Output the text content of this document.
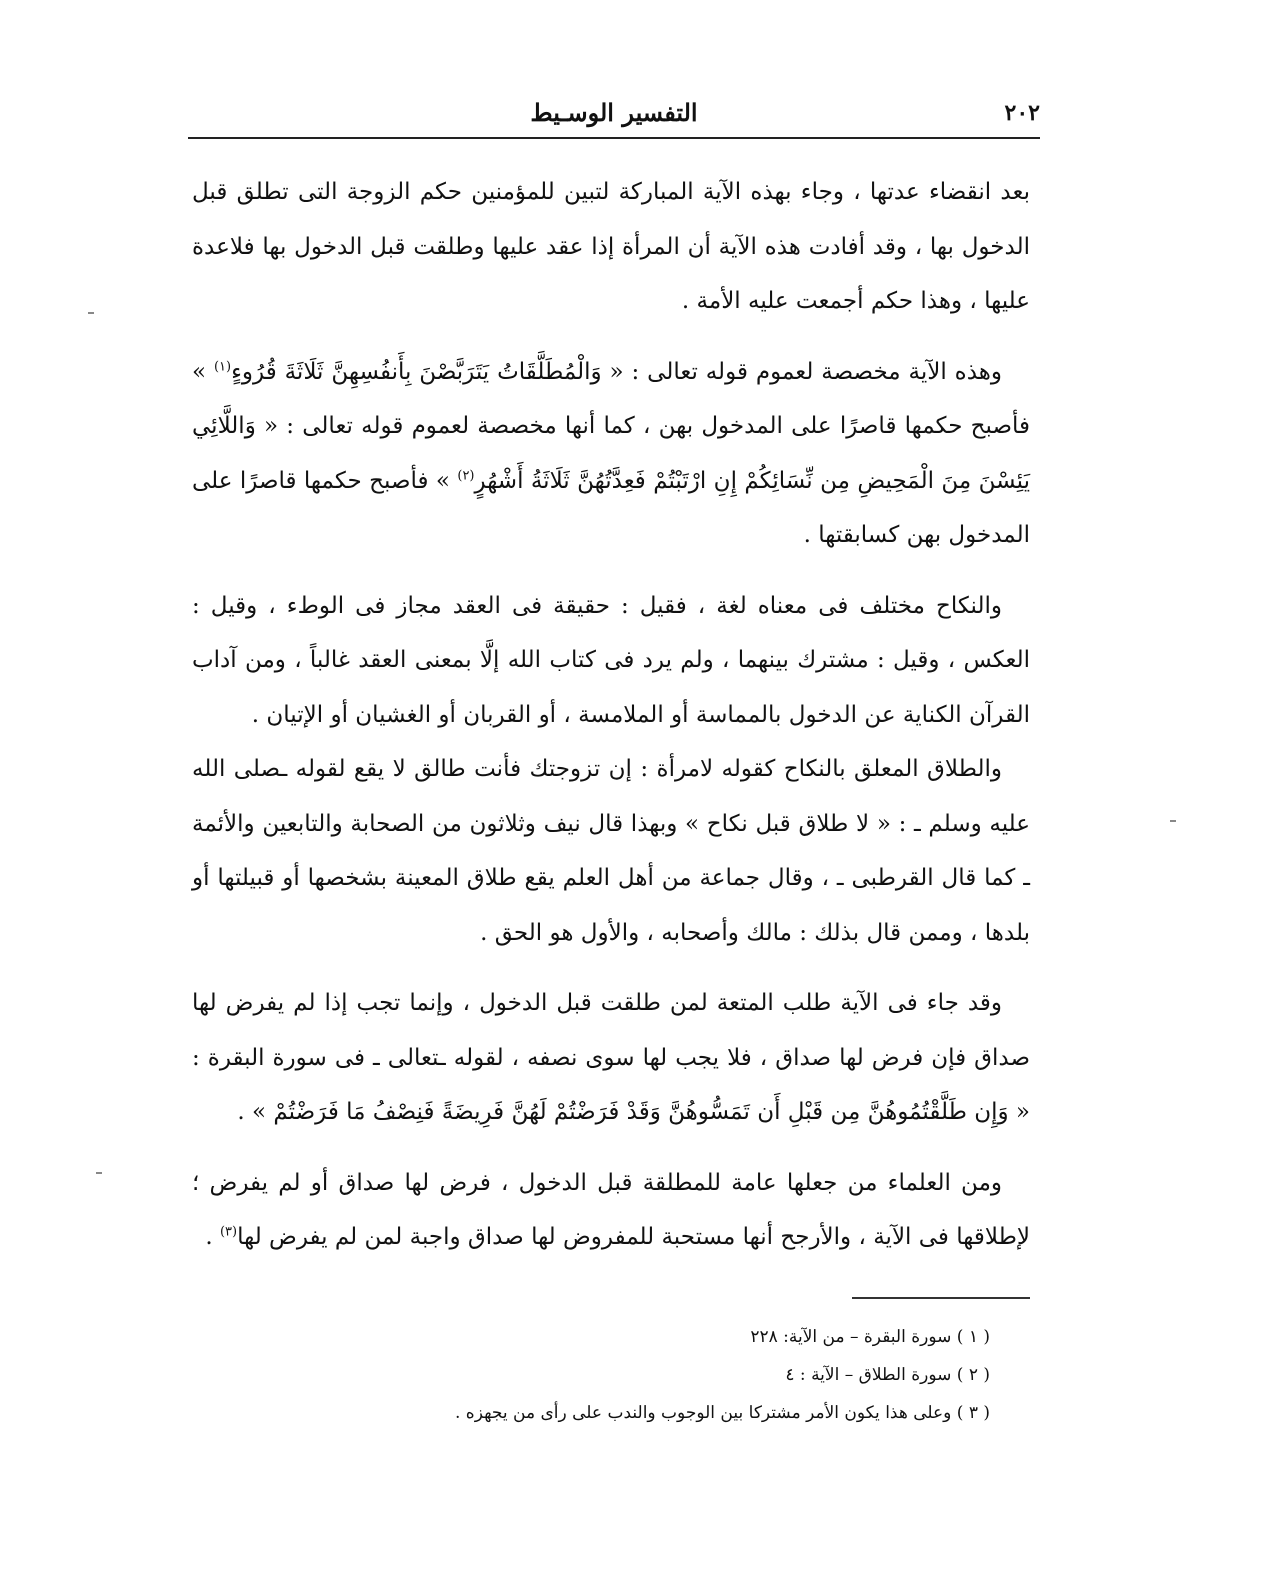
٢٠٢
التفسير الوسـيط

بعد انقضاء عدتها ، وجاء بهذه الآية المباركة لتبين للمؤمنين حكم الزوجة التى تطلق قبل الدخول بها ، وقد أفادت هذه الآية أن المرأة إذا عقد عليها وطلقت قبل الدخول بها فلاعدة عليها ، وهذا حكم أجمعت عليه الأمة .

وهذه الآية مخصصة لعموم قوله تعالى : « وَالْمُطَلَّقَاتُ يَتَرَبَّصْنَ بِأَنفُسِهِنَّ ثَلَاثَةَ قُرُوءٍ$^{(١)}$ » فأصبح حكمها قاصرًا على المدخول بهن ، كما أنها مخصصة لعموم قوله تعالى : « وَاللَّائِي يَئِسْنَ مِنَ الْمَحِيضِ مِن نِّسَائِكُمْ إِنِ ارْتَبْتُمْ فَعِدَّتُهُنَّ ثَلَاثَةُ أَشْهُرٍ$^{(٢)}$ » فأصبح حكمها قاصرًا على المدخول بهن كسابقتها .

والنكاح مختلف فى معناه لغة ، فقيل : حقيقة فى العقد مجاز فى الوطء ، وقيل : العكس ، وقيل : مشترك بينهما ، ولم يرد فى كتاب الله إلَّا بمعنى العقد غالباً ، ومن آداب القرآن الكناية عن الدخول بالمماسة أو الملامسة ، أو القربان أو الغشيان أو الإتيان .

والطلاق المعلق بالنكاح كقوله لامرأة : إن تزوجتك فأنت طالق لا يقع لقوله ـصلى الله عليه وسلم ـ : « لا طلاق قبل نكاح » وبهذا قال نيف وثلاثون من الصحابة والتابعين والأئمة ـ كما قال القرطبى ـ ، وقال جماعة من أهل العلم يقع طلاق المعينة بشخصها أو قبيلتها أو بلدها ، وممن قال بذلك : مالك وأصحابه ، والأول هو الحق .

وقد جاء فى الآية طلب المتعة لمن طلقت قبل الدخول ، وإنما تجب إذا لم يفرض لها صداق فإن فرض لها صداق ، فلا يجب لها سوى نصفه ، لقوله ـتعالى ـ فى سورة البقرة : « وَإِن طَلَّقْتُمُوهُنَّ مِن قَبْلِ أَن تَمَسُّوهُنَّ وَقَدْ فَرَضْتُمْ لَهُنَّ فَرِيضَةً فَنِصْفُ مَا فَرَضْتُمْ » .

ومن العلماء من جعلها عامة للمطلقة قبل الدخول ، فرض لها صداق أو لم يفرض ؛ لإطلاقها فى الآية ، والأرجح أنها مستحبة للمفروض لها صداق واجبة لمن لم يفرض لها$^{(٣)}$ .

( ١ ) سورة البقرة – من الآية: ٢٢٨

( ٢ ) سورة الطلاق – الآية : ٤

( ٣ ) وعلى هذا يكون الأمر مشتركا بين الوجوب والندب على رأى من يجهزه .
